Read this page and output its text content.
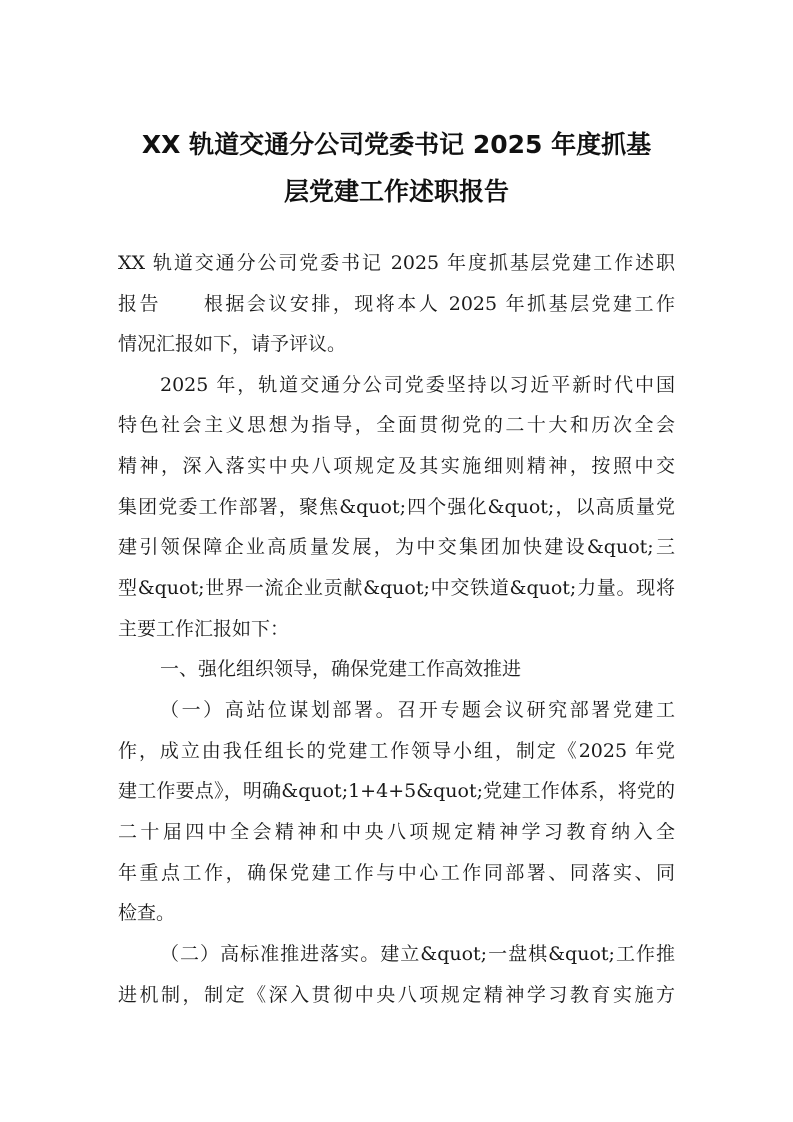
XX 轨道交通分公司党委书记 2025 年度抓基
层党建工作述职报告
XX 轨道交通分公司党委书记 2025 年度抓基层党建工作述职
报告　　根据会议安排，现将本人 2025 年抓基层党建工作
情况汇报如下，请予评议。
2025 年，轨道交通分公司党委坚持以习近平新时代中国
特色社会主义思想为指导，全面贯彻党的二十大和历次全会
精神，深入落实中央八项规定及其实施细则精神，按照中交
集团党委工作部署，聚焦&quot;四个强化&quot;，以高质量党
建引领保障企业高质量发展，为中交集团加快建设&quot;三
型&quot;世界一流企业贡献&quot;中交铁道&quot;力量。现将
主要工作汇报如下：
一、强化组织领导，确保党建工作高效推进
（一）高站位谋划部署。召开专题会议研究部署党建工
作，成立由我任组长的党建工作领导小组，制定《2025 年党
建工作要点》，明确&quot;1+4+5&quot;党建工作体系，将党的
二十届四中全会精神和中央八项规定精神学习教育纳入全
年重点工作，确保党建工作与中心工作同部署、同落实、同
检查。
（二）高标准推进落实。建立&quot;一盘棋&quot;工作推
进机制，制定《深入贯彻中央八项规定精神学习教育实施方
